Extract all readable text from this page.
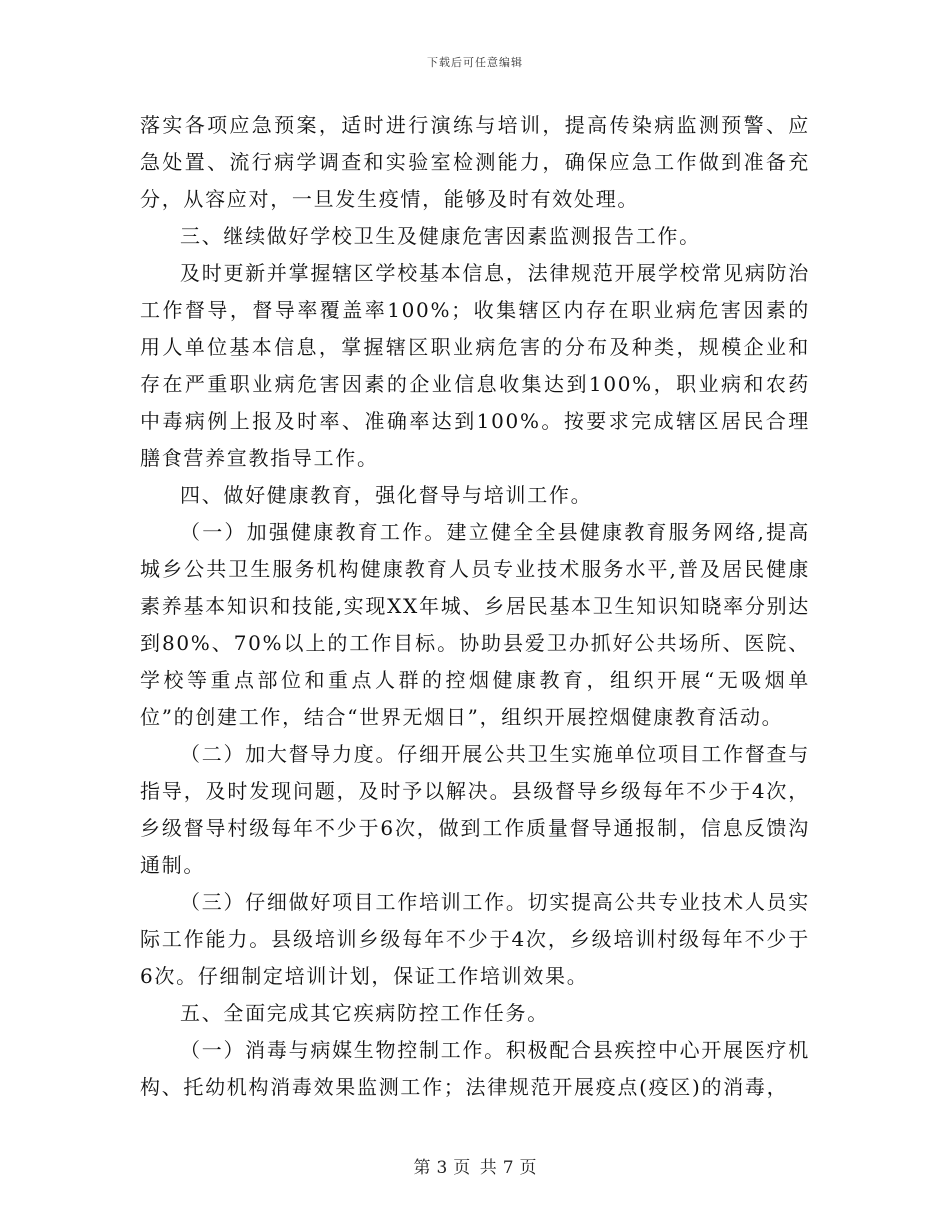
下载后可任意编辑

落实各项应急预案，适时进行演练与培训，提高传染病监测预警、应急处置、流行病学调查和实验室检测能力，确保应急工作做到准备充分，从容应对，一旦发生疫情，能够及时有效处理。

三、继续做好学校卫生及健康危害因素监测报告工作。

及时更新并掌握辖区学校基本信息，法律规范开展学校常见病防治工作督导，督导率覆盖率100%；收集辖区内存在职业病危害因素的用人单位基本信息，掌握辖区职业病危害的分布及种类，规模企业和存在严重职业病危害因素的企业信息收集达到100%，职业病和农药中毒病例上报及时率、准确率达到100%。按要求完成辖区居民合理膳食营养宣教指导工作。

四、做好健康教育，强化督导与培训工作。

（一）加强健康教育工作。建立健全全县健康教育服务网络,提高城乡公共卫生服务机构健康教育人员专业技术服务水平,普及居民健康素养基本知识和技能,实现XX年城、乡居民基本卫生知识知晓率分别达到80%、70%以上的工作目标。协助县爱卫办抓好公共场所、医院、学校等重点部位和重点人群的控烟健康教育，组织开展“无吸烟单位”的创建工作，结合“世界无烟日”，组织开展控烟健康教育活动。

（二）加大督导力度。仔细开展公共卫生实施单位项目工作督查与指导，及时发现问题，及时予以解决。县级督导乡级每年不少于4次，乡级督导村级每年不少于6次，做到工作质量督导通报制，信息反馈沟通制。

（三）仔细做好项目工作培训工作。切实提高公共专业技术人员实际工作能力。县级培训乡级每年不少于4次，乡级培训村级每年不少于6次。仔细制定培训计划，保证工作培训效果。

五、全面完成其它疾病防控工作任务。

（一）消毒与病媒生物控制工作。积极配合县疾控中心开展医疗机构、托幼机构消毒效果监测工作；法律规范开展疫点(疫区)的消毒，

第 3 页 共 7 页
